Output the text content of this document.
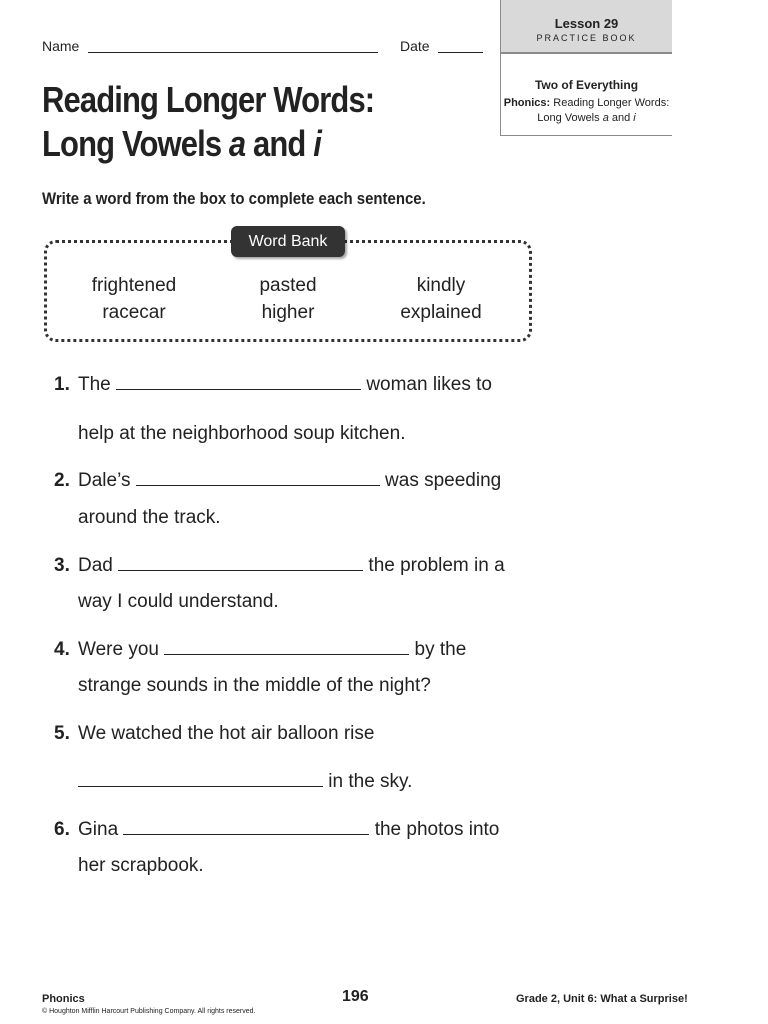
Name	Date
Lesson 29
PRACTICE BOOK
Two of Everything
Phonics: Reading Longer Words:
Long Vowels a and i
Reading Longer Words:
Long Vowels a and i
Write a word from the box to complete each sentence.
Word Bank
frightened	pasted	kindly
racecar	higher	explained
1. The	woman likes to
help at the neighborhood soup kitchen.
2. Dale’s	was speeding
around the track.
3. Dad	the problem in a
way I could understand.
4. Were you	by the
strange sounds in the middle of the night?
5. We watched the hot air balloon rise
in the sky.
6. Gina	the photos into
her scrapbook.
Phonics
© Houghton Mifflin Harcourt Publishing Company. All rights reserved.
196	Grade 2, Unit 6: What a Surprise!
